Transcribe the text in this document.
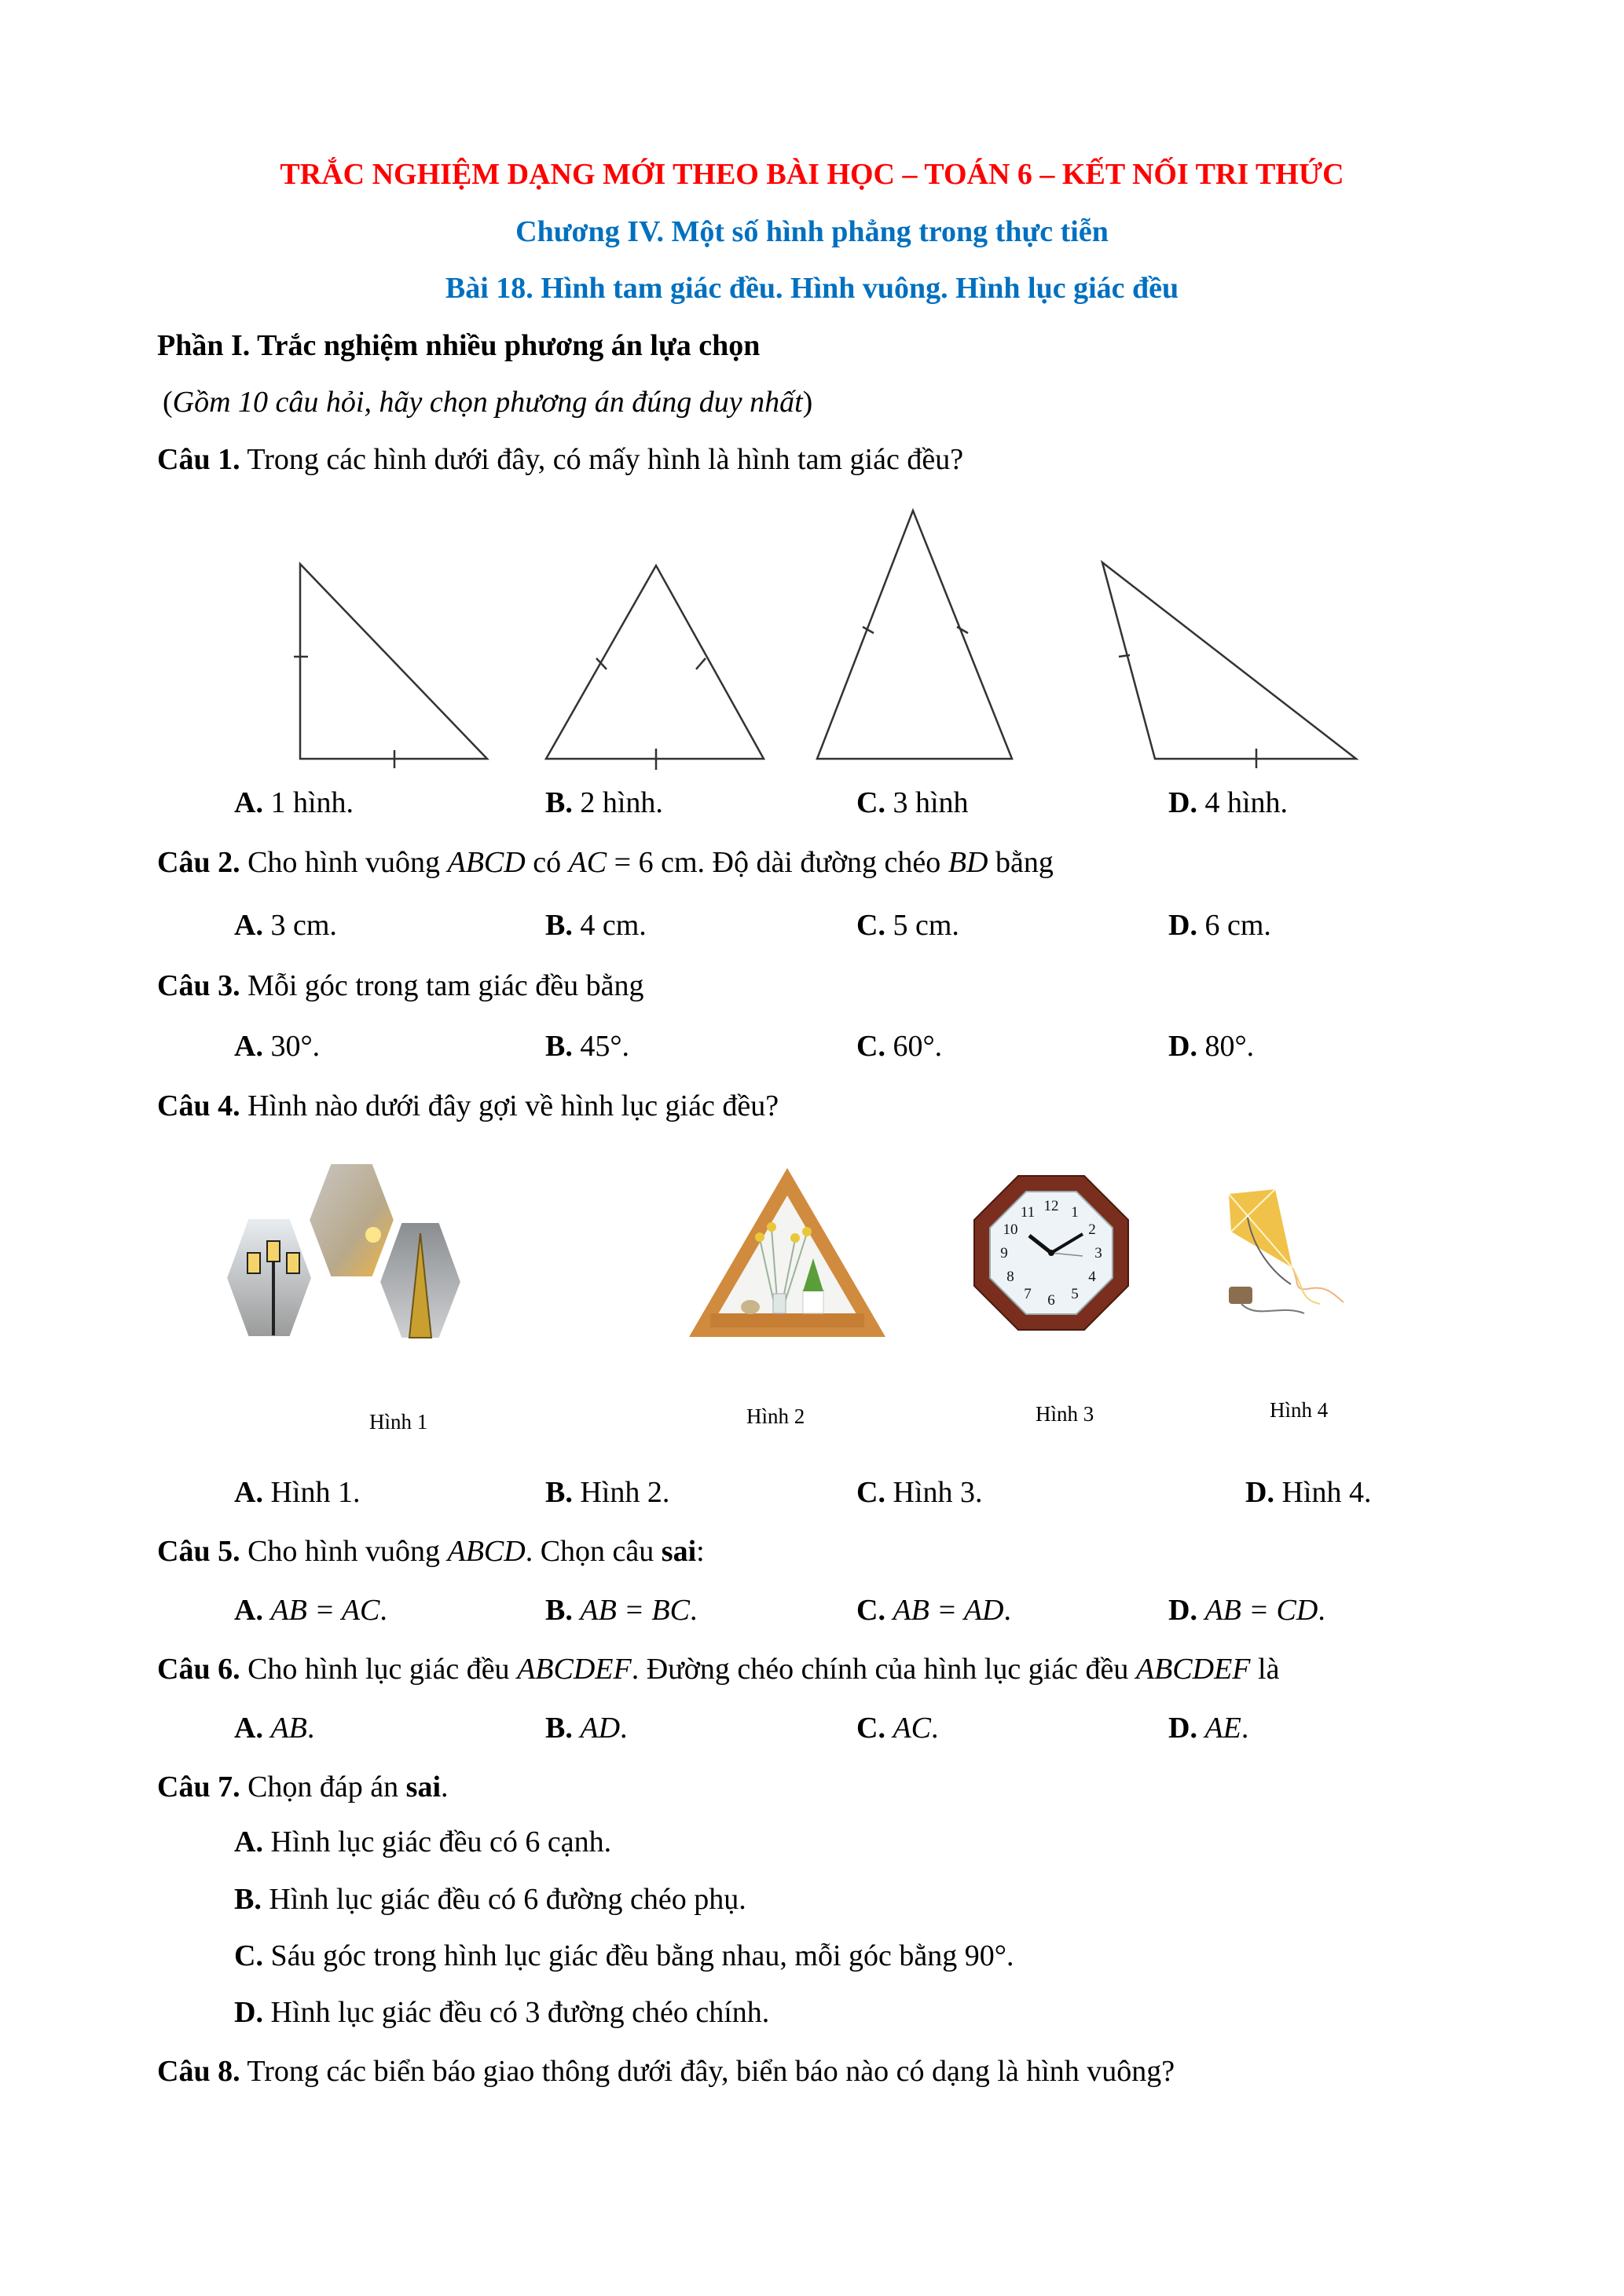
TRẮC NGHIỆM DẠNG MỚI THEO BÀI HỌC – TOÁN 6 – KẾT NỐI TRI THỨC
Chương IV. Một số hình phẳng trong thực tiễn
Bài 18. Hình tam giác đều. Hình vuông. Hình lục giác đều
Phần I. Trắc nghiệm nhiều phương án lựa chọn
(Gồm 10 câu hỏi, hãy chọn phương án đúng duy nhất)
Câu 1. Trong các hình dưới đây, có mấy hình là hình tam giác đều?
A. 1 hình.	B. 2 hình.	C. 3 hình	D. 4 hình.
Câu 2. Cho hình vuông ABCD có AC = 6 cm. Độ dài đường chéo BD bằng
A. 3 cm.	B. 4 cm.	C. 5 cm.	D. 6 cm.
Câu 3. Mỗi góc trong tam giác đều bằng
A. 30°.	B. 45°.	C. 60°.	D. 80°.
Câu 4. Hình nào dưới đây gợi về hình lục giác đều?
Hình 1	Hình 2
12 1
2
3
4
5
6
7
8
9
10
11
Hình 3	Hình 4
A. Hình 1.	B. Hình 2.	C. Hình 3.	D. Hình 4.
Câu 5. Cho hình vuông ABCD. Chọn câu sai:
A. AB = AC.	B. AB = BC.	C. AB = AD.	D. AB = CD.
Câu 6. Cho hình lục giác đều ABCDEF. Đường chéo chính của hình lục giác đều ABCDEF là
A. AB.	B. AD.	C. AC.	D. AE.
Câu 7. Chọn đáp án sai.
A. Hình lục giác đều có 6 cạnh.
B. Hình lục giác đều có 6 đường chéo phụ.
C. Sáu góc trong hình lục giác đều bằng nhau, mỗi góc bằng 90°.
D. Hình lục giác đều có 3 đường chéo chính.
Câu 8. Trong các biển báo giao thông dưới đây, biển báo nào có dạng là hình vuông?
